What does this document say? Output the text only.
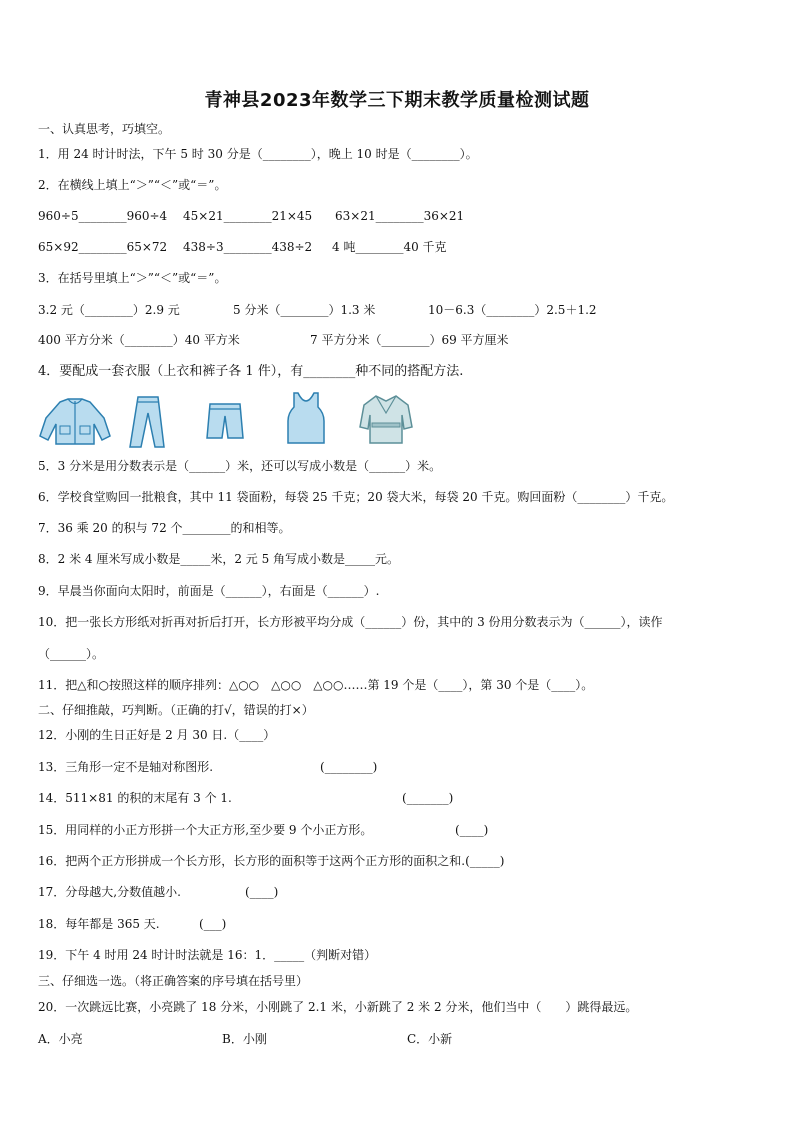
青神县2023年数学三下期末教学质量检测试题
一、认真思考，巧填空。
1．用 24 时计时法，下午 5 时 30 分是（________），晚上 10 时是（________）。
2．在横线上填上“＞”“＜”或“＝”。
960÷5________960÷4 45×21________21×45 63×21________36×21
65×92________65×72 438÷3________438÷2 4 吨________40 千克
3．在括号里填上“＞”“＜”或“＝”。
3.2 元（________）2.9 元	5 分米（________）1.3 米	10－6.3（________）2.5＋1.2
400 平方分米（________）40 平方米	7 平方分米（________）69 平方厘米
4．要配成一套衣服（上衣和裤子各 1 件），有________种不同的搭配方法.
5．3 分米是用分数表示是（______）米，还可以写成小数是（______）米。
6．学校食堂购回一批粮食，其中 11 袋面粉，每袋 25 千克；20 袋大米，每袋 20 千克。购回面粉（________）千克。
7．36 乘 20 的积与 72 个________的和相等。
8．2 米 4 厘米写成小数是_____米，2 元 5 角写成小数是_____元。
9．早晨当你面向太阳时，前面是（______），右面是（______）.
10．把一张长方形纸对折再对折后打开，长方形被平均分成（______）份，其中的 3 份用分数表示为（______），读作
（______）。
11．把△和○按照这样的顺序排列：△○○　△○○　△○○……第 19 个是（____），第 30 个是（____）。
二、仔细推敲，巧判断。（正确的打√，错误的打×）
12．小刚的生日正好是 2 月 30 日.（____）
13．三角形一定不是轴对称图形.	(________)
14．511×81 的积的末尾有 3 个 1.	(_______)
15．用同样的小正方形拼一个大正方形,至少要 9 个小正方形。	(____)
16．把两个正方形拼成一个长方形，长方形的面积等于这两个正方形的面积之和.(_____)
17．分母越大,分数值越小.	(____)
18．每年都是 365 天.	(___)
19．下午 4 时用 24 时计时法就是 16：1．_____（判断对错）
三、仔细选一选。（将正确答案的序号填在括号里）
20．一次跳远比赛，小亮跳了 18 分米，小刚跳了 2.1 米，小新跳了 2 米 2 分米，他们当中（　　）跳得最远。
A．小亮	B．小刚	C．小新
